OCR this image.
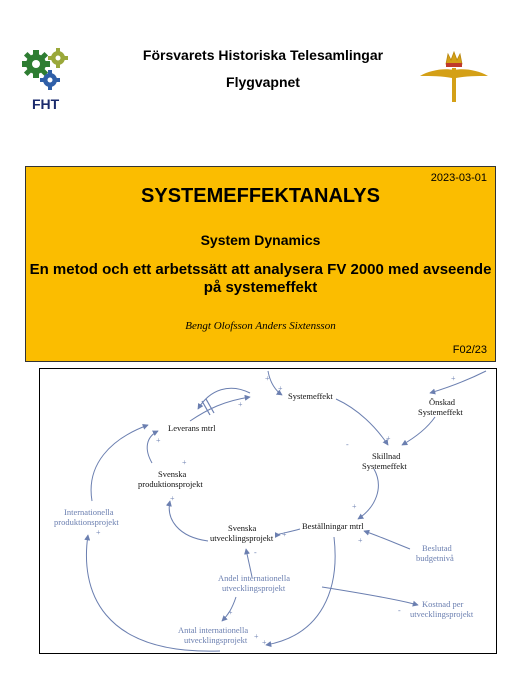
FHT
Försvarets Historiska Telesamlingar
Flygvapnet
2023-03-01
SYSTEMEFFEKTANALYS
System Dynamics
En metod och ett arbetssätt att analysera FV 2000 med avseende på systemeffekt
Bengt Olofsson Anders Sixtensson
F02/23
Systemeffekt
Önskad
Systemeffekt
Leverans mtrl
Skillnad
Systemeffekt
Svenska
produktionsprojekt
Internationella
produktionsprojekt
Svenska
utvecklingsprojekt
Beställningar mtrl
Beslutad
budgetnivå
Andel internationella
utvecklingsprojekt
Kostnad per
utvecklingsprojekt
Antal internationella
utvecklingsprojekt
+
+
+
+
-
+
+
+
+
+
+
+
-
+
+	-
+
+
